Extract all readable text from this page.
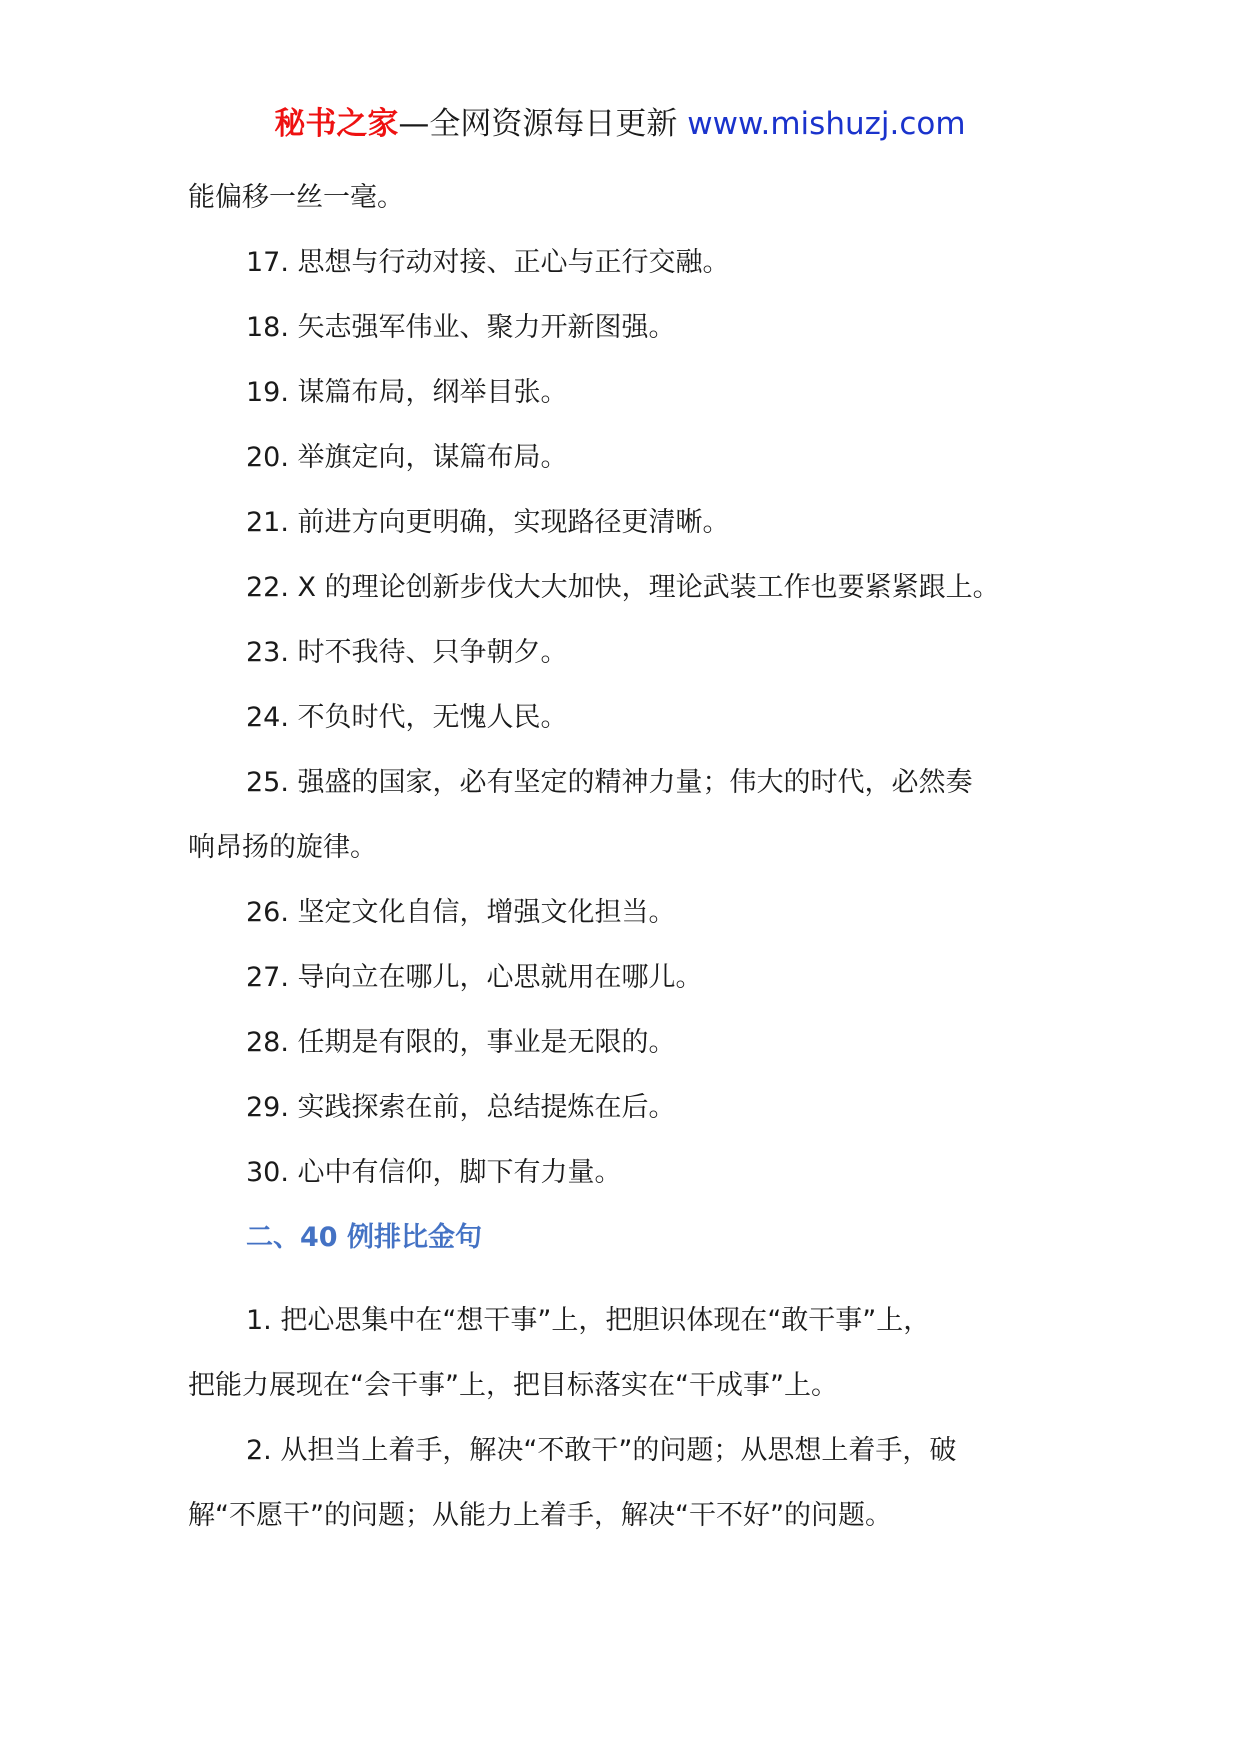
秘书之家—全网资源每日更新 www.mishuzj.com
能偏移一丝一毫。
17. 思想与行动对接、正心与正行交融。
18. 矢志强军伟业、聚力开新图强。
19. 谋篇布局，纲举目张。
20. 举旗定向，谋篇布局。
21. 前进方向更明确，实现路径更清晰。
22. X 的理论创新步伐大大加快，理论武装工作也要紧紧跟上。
23. 时不我待、只争朝夕。
24. 不负时代，无愧人民。
25. 强盛的国家，必有坚定的精神力量；伟大的时代，必然奏
响昂扬的旋律。
26. 坚定文化自信，增强文化担当。
27. 导向立在哪儿，心思就用在哪儿。
28. 任期是有限的，事业是无限的。
29. 实践探索在前，总结提炼在后。
30. 心中有信仰，脚下有力量。
二、40 例排比金句
1. 把心思集中在“想干事”上，把胆识体现在“敢干事”上，
把能力展现在“会干事”上，把目标落实在“干成事”上。
2. 从担当上着手，解决“不敢干”的问题；从思想上着手，破
解“不愿干”的问题；从能力上着手，解决“干不好”的问题。
